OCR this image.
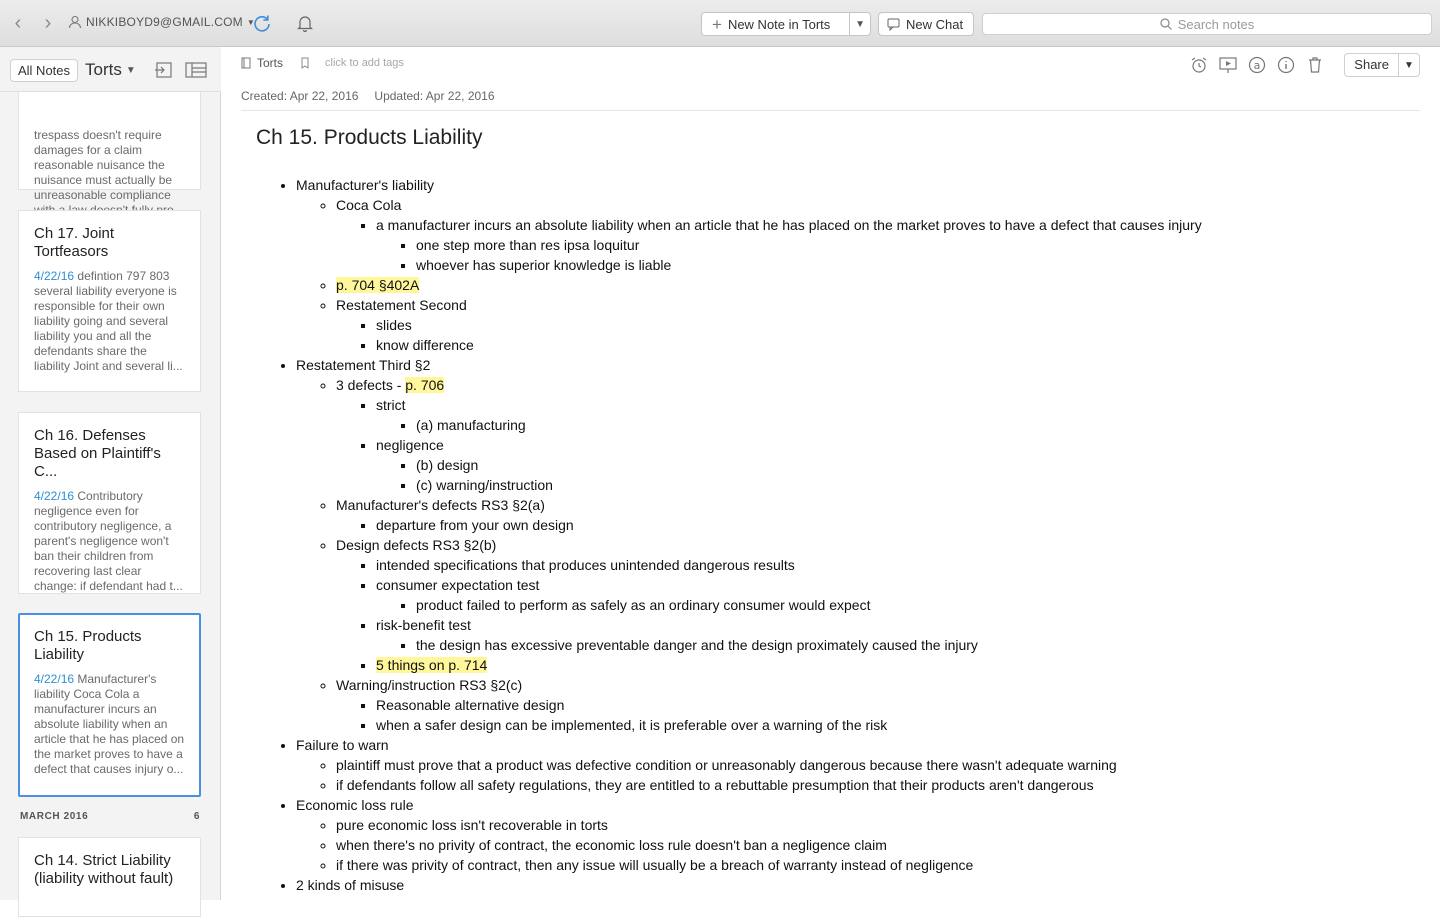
‹	›	NIKKIBOYD9@GMAIL.COM ▼	+ New Note in Torts	▼	New Chat	Search notes
All Notes Torts ▼

trespass doesn't require damages for a claim reasonable nuisance the nuisance must actually be unreasonable compliance

Ch 17. Joint Tortfeasors

4/22/16 defintion 797 803 several liability everyone is responsible for their own liability going and several liability you and all the defendants share the liability Joint and several li...

Ch 16. Defenses Based on Plaintiff's C...

4/22/16 Contributory negligence even for contributory negligence, a parent's negligence won't ban their children from recovering last clear change: if defendant had t...

Ch 15. Products Liability

4/22/16 Manufacturer's liability Coca Cola a manufacturer incurs an absolute liability when an article that he has placed on the market proves to have a defect that causes injury o...

MARCH 2016	6
Ch 14. Strict Liability (liability without fault)
Torts	click to add tags	a	Share	▼
Created: Apr 22, 2016 Updated: Apr 22, 2016
Ch 15. Products Liability
• Manufacturer's liability
◦ Coca Cola
▪ a manufacturer incurs an absolute liability when an article that he has placed on the market proves to have a defect that causes injury
▪ one step more than res ipsa loquitur
▪ whoever has superior knowledge is liable
◦ p. 704 §402A
◦ Restatement Second
▪ slides
▪ know difference
• Restatement Third §2
◦ 3 defects - p. 706
▪ strict
▪ (a) manufacturing
▪ negligence
▪ (b) design
▪ (c) warning/instruction
◦ Manufacturer's defects RS3 §2(a)
▪ departure from your own design
◦ Design defects RS3 §2(b)
▪ intended specifications that produces unintended dangerous results
▪ consumer expectation test
▪ product failed to perform as safely as an ordinary consumer would expect
▪ risk-benefit test
▪ the design has excessive preventable danger and the design proximately caused the injury
▪ 5 things on p. 714
◦ Warning/instruction RS3 §2(c)
▪ Reasonable alternative design
▪ when a safer design can be implemented, it is preferable over a warning of the risk
• Failure to warn
◦ plaintiff must prove that a product was defective condition or unreasonably dangerous because there wasn't adequate warning
◦ if defendants follow all safety regulations, they are entitled to a rebuttable presumption that their products aren't dangerous
• Economic loss rule
◦ pure economic loss isn't recoverable in torts
◦ when there's no privity of contract, the economic loss rule doesn't ban a negligence claim
◦ if there was privity of contract, then any issue will usually be a breach of warranty instead of negligence
• 2 kinds of misuse
